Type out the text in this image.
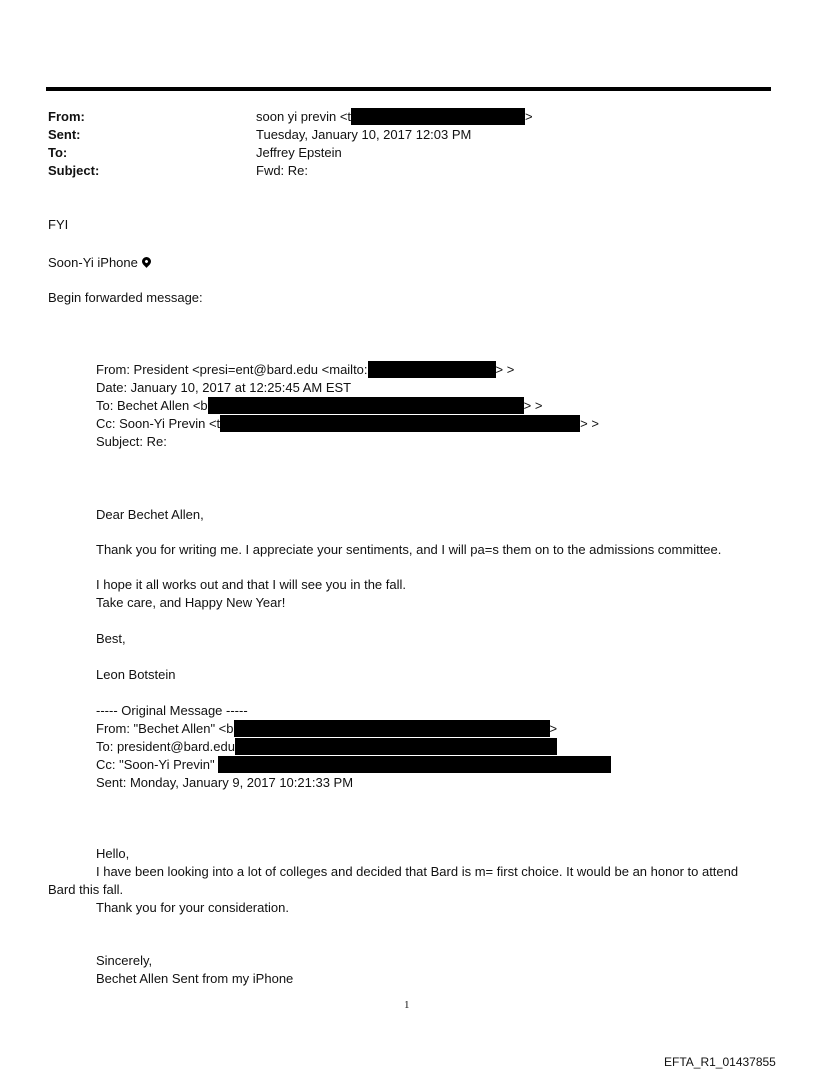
From:	soon yi previn <t	>
Sent:	Tuesday, January 10, 2017 12:03 PM
To:	Jeffrey Epstein
Subject:	Fwd: Re:
FYI
Soon-Yi iPhone
Begin forwarded message:
From: President <presi=ent@bard.edu <mailto:	> >
Date: January 10, 2017 at 12:25:45 AM EST
To: Bechet Allen <b	> >
Cc: Soon-Yi Previn <t	> >
Subject: Re:
Dear Bechet Allen,
Thank you for writing me. I appreciate your sentiments, and I will pa=s them on to the admissions committee.
I hope it all works out and that I will see you in the fall.
Take care, and Happy New Year!
Best,
Leon Botstein
----- Original Message -----
From: "Bechet Allen" <b	>
To: president@bard.edu
Cc: "Soon-Yi Previn"
Sent: Monday, January 9, 2017 10:21:33 PM
Hello,
I have been looking into a lot of colleges and decided that Bard is m= first choice. It would be an honor to attend
Bard this fall.
Thank you for your consideration.
Sincerely,
Bechet Allen Sent from my iPhone
1
EFTA_R1_01437855
